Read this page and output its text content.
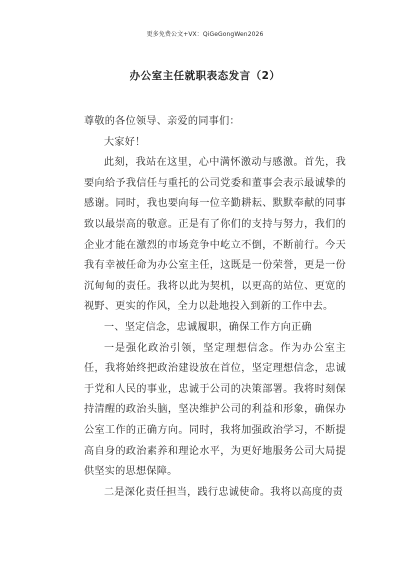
更多免费公文+VX：QiGeGongWen2026
办公室主任就职表态发言（2）

尊敬的各位领导、亲爱的同事们：

大家好！

此刻，我站在这里，心中满怀激动与感激。首先，我要向给予我信任与重托的公司党委和董事会表示最诚挚的感谢。同时，我也要向每一位辛勤耕耘、默默奉献的同事致以最崇高的敬意。正是有了你们的支持与努力，我们的企业才能在激烈的市场竞争中屹立不倒，不断前行。今天我有幸被任命为办公室主任，这既是一份荣誉，更是一份沉甸甸的责任。我将以此为契机，以更高的站位、更宽的视野、更实的作风，全力以赴地投入到新的工作中去。

一、坚定信念，忠诚履职，确保工作方向正确

一是强化政治引领，坚定理想信念。作为办公室主任，我将始终把政治建设放在首位，坚定理想信念，忠诚于党和人民的事业，忠诚于公司的决策部署。我将时刻保持清醒的政治头脑，坚决维护公司的利益和形象，确保办公室工作的正确方向。同时，我将加强政治学习，不断提高自身的政治素养和理论水平，为更好地服务公司大局提供坚实的思想保障。

二是深化责任担当，践行忠诚使命。我将以高度的责
